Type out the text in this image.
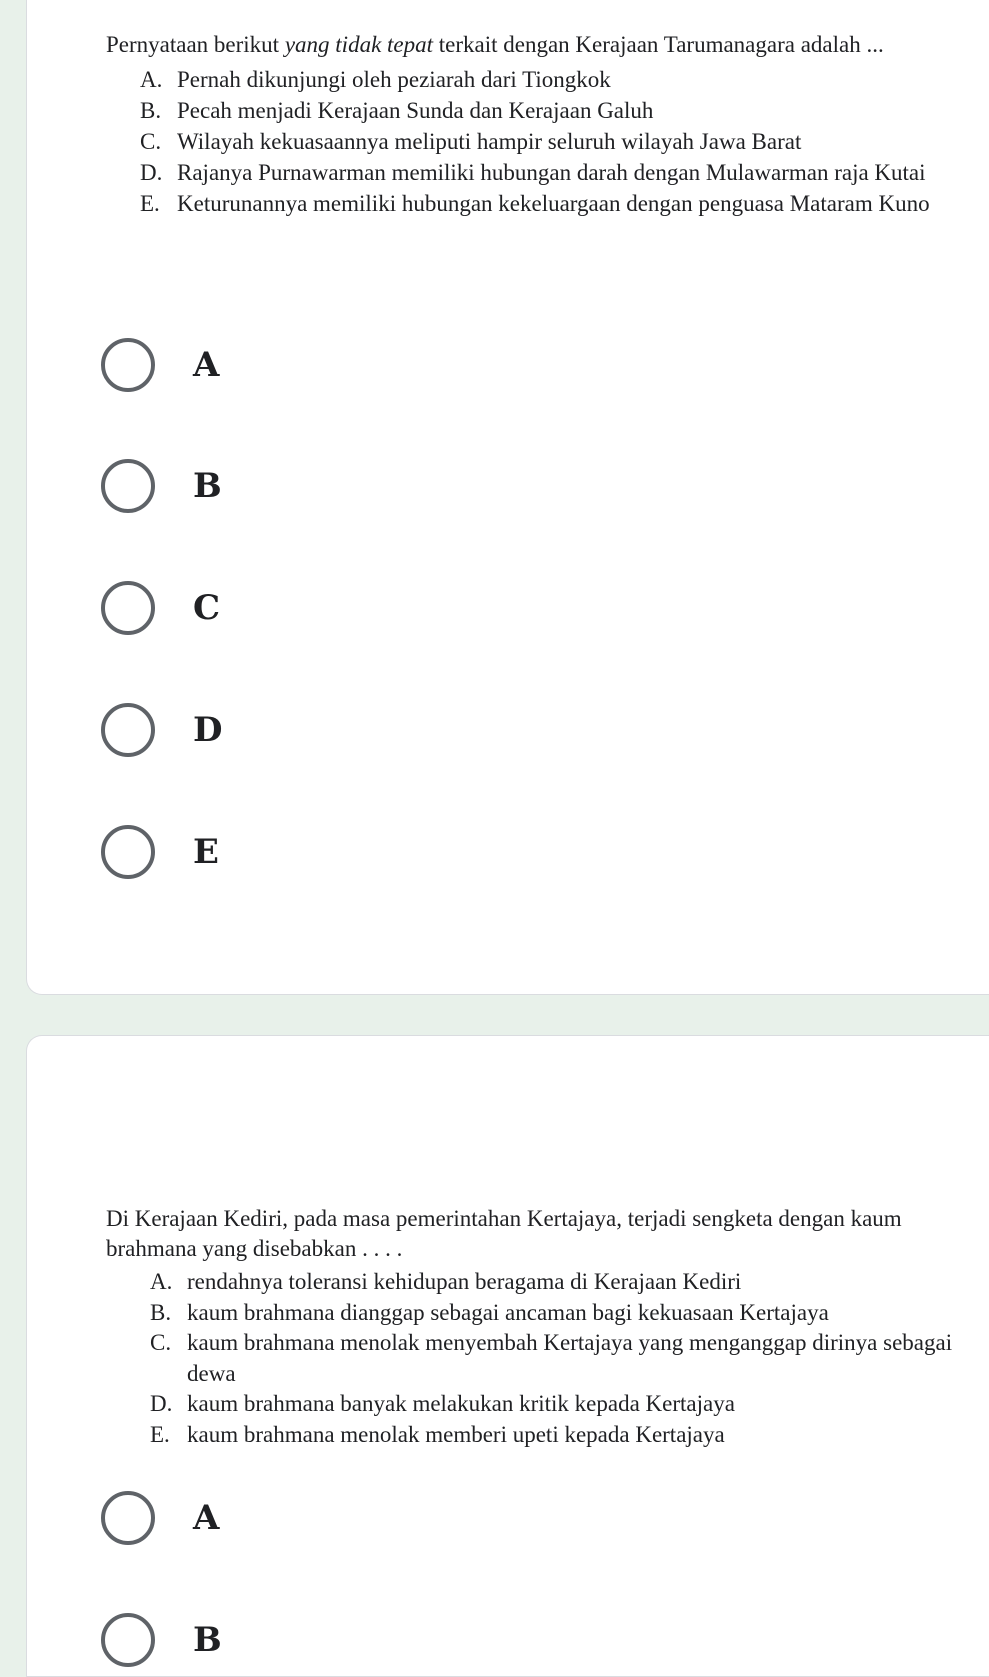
Pernyataan berikut yang tidak tepat terkait dengan Kerajaan Tarumanagara adalah ...

A. Pernah dikunjungi oleh peziarah dari Tiongkok
B. Pecah menjadi Kerajaan Sunda dan Kerajaan Galuh
C. Wilayah kekuasaannya meliputi hampir seluruh wilayah Jawa Barat
D. Rajanya Purnawarman memiliki hubungan darah dengan Mulawarman raja Kutai
E. Keturunannya memiliki hubungan kekeluargaan dengan penguasa Mataram Kuno
A
B
C
D
E

Di Kerajaan Kediri, pada masa pemerintahan Kertajaya, terjadi sengketa dengan kaum brahmana yang disebabkan . . . .

A. rendahnya toleransi kehidupan beragama di Kerajaan Kediri
B. kaum brahmana dianggap sebagai ancaman bagi kekuasaan Kertajaya
C. kaum brahmana menolak menyembah Kertajaya yang menganggap dirinya sebagai dewa
D. kaum brahmana banyak melakukan kritik kepada Kertajaya
E. kaum brahmana menolak memberi upeti kepada Kertajaya
A
B
